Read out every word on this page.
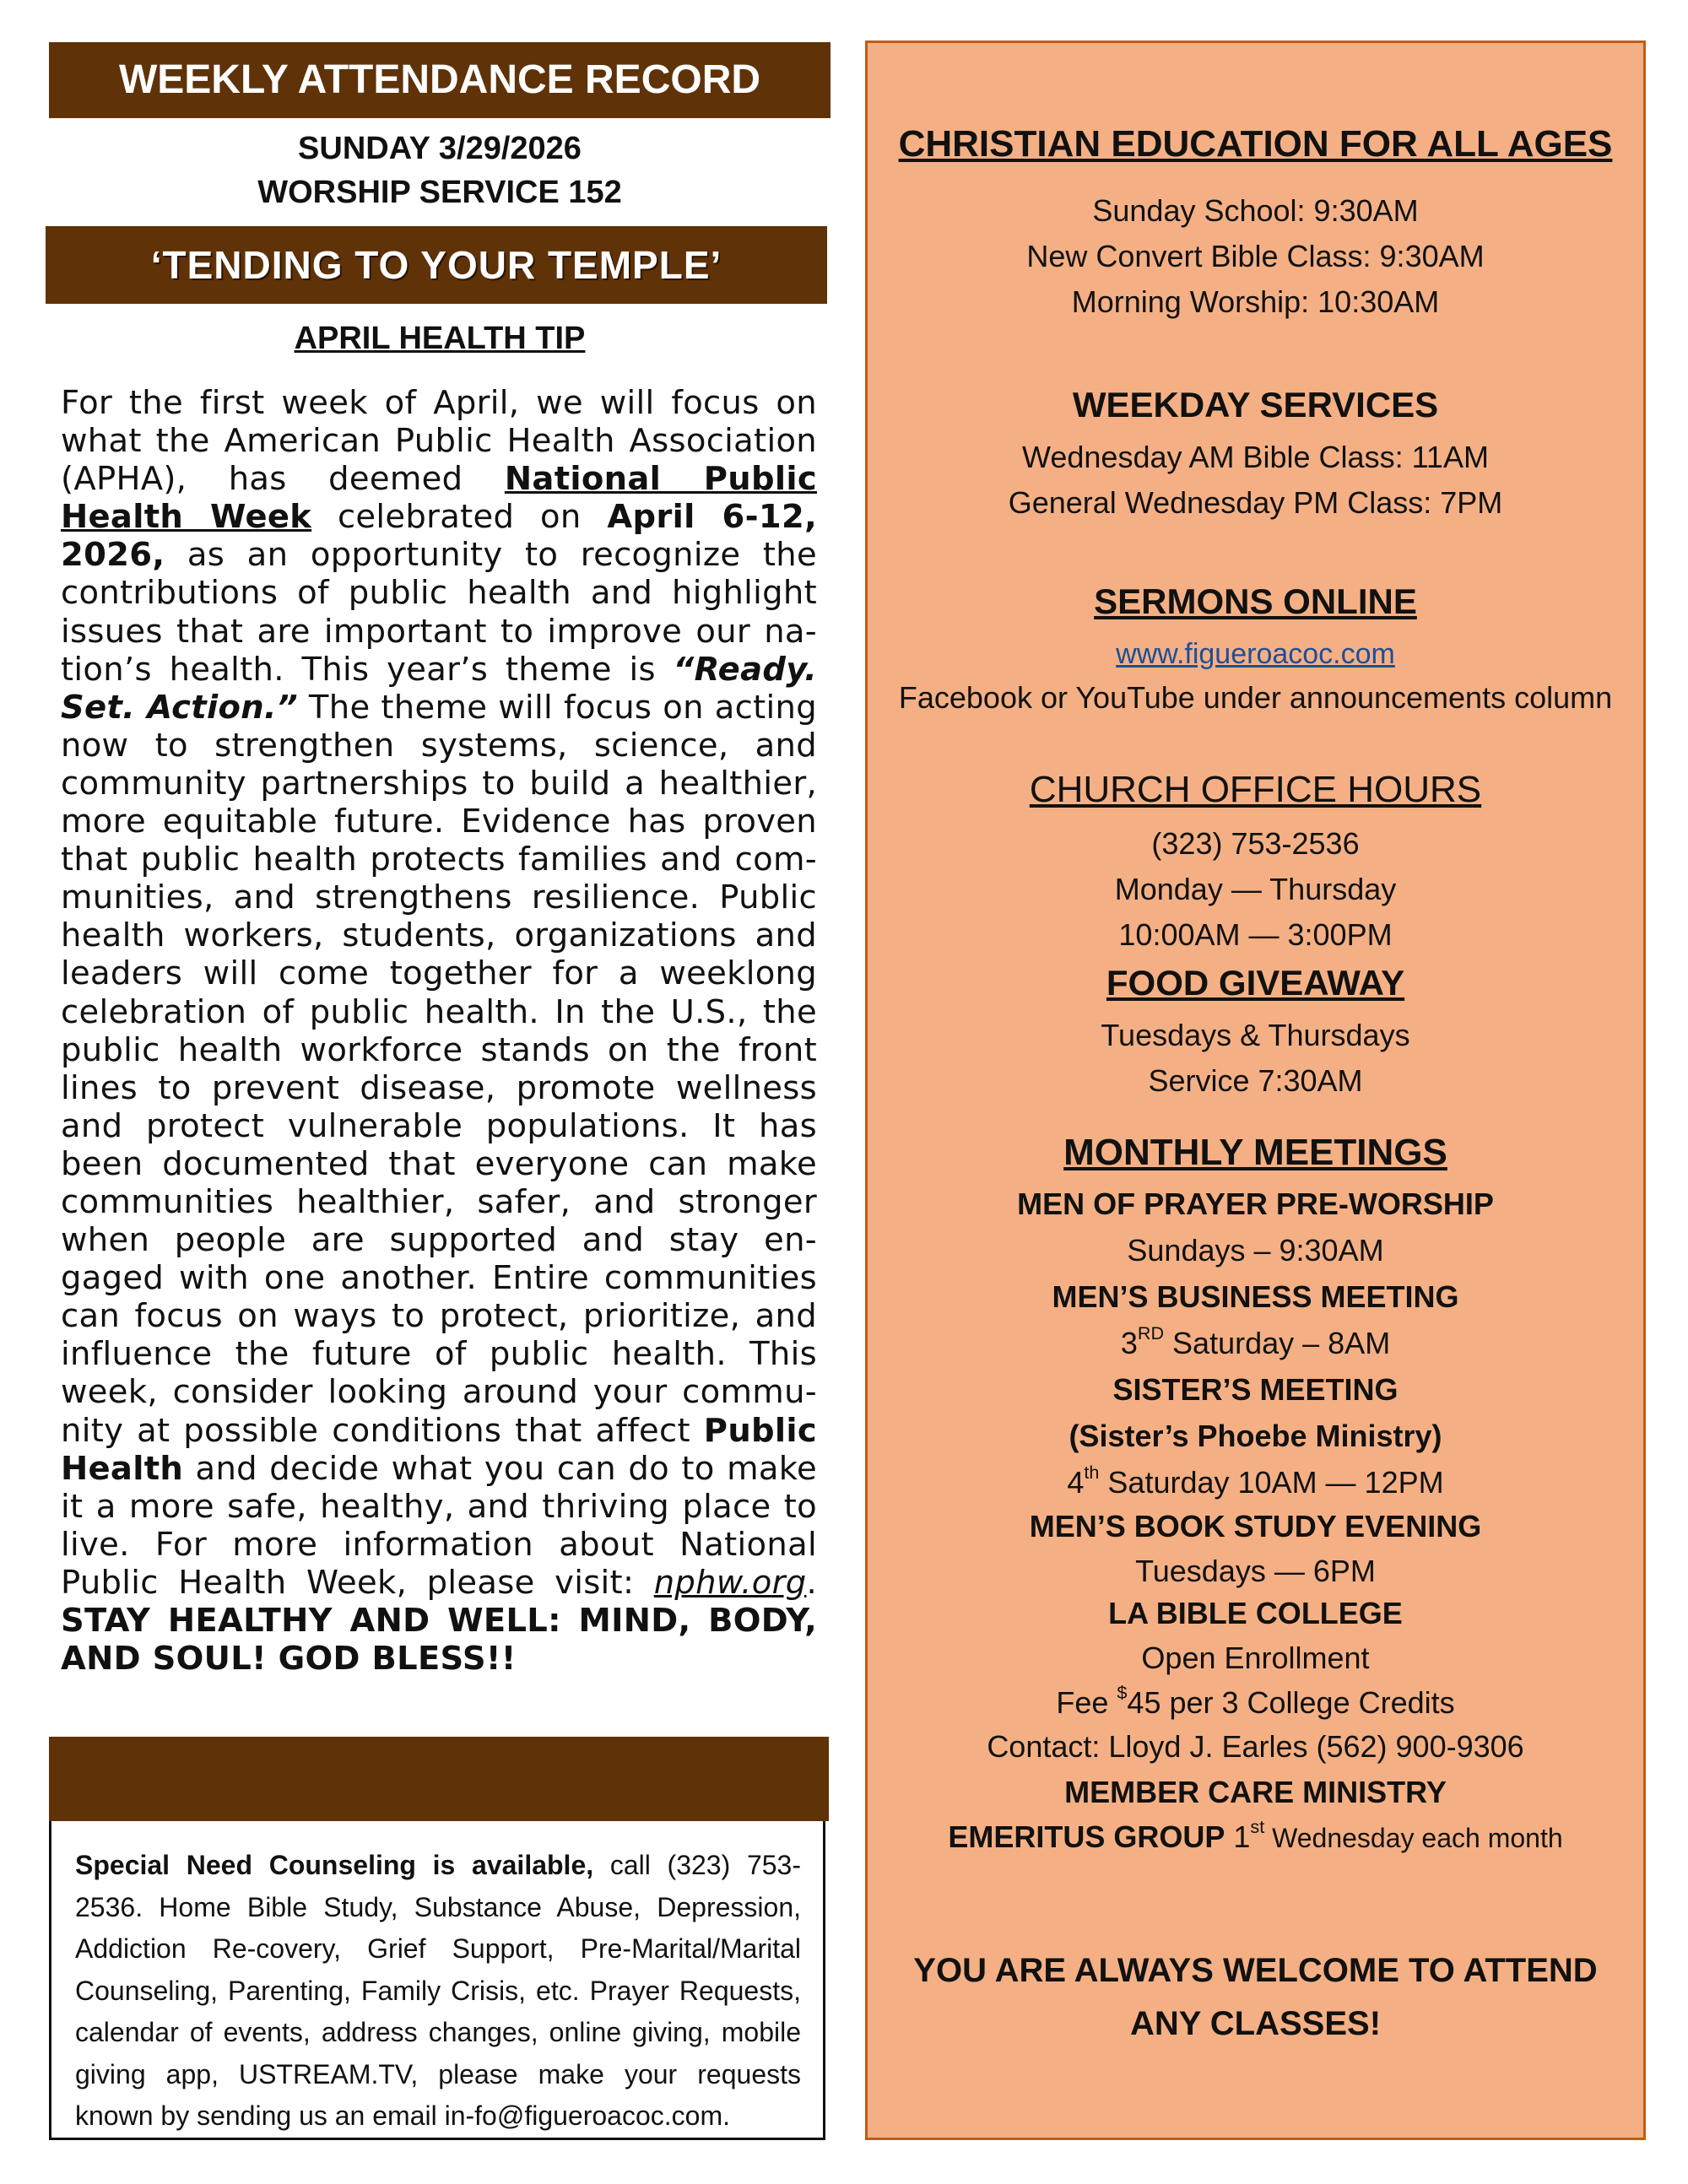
WEEKLY ATTENDANCE RECORD
SUNDAY 3/29/2026
WORSHIP SERVICE 152
‘TENDING TO YOUR TEMPLE’
APRIL HEALTH TIP
For the first week of April, we will focus on what the American Public Health Association (APHA), has deemed National Public Health Week celebrated on April 6-12, 2026, as an opportunity to recognize the contributions of public health and highlight issues that are important to improve our na-tion’s health. This year’s theme is “Ready. Set. Action.” The theme will focus on acting now to strengthen systems, science, and community partnerships to build a healthier, more equitable future. Evidence has proven that public health protects families and com-munities, and strengthens resilience. Public health workers, students, organizations and leaders will come together for a weeklong celebration of public health. In the U.S., the public health workforce stands on the front lines to prevent disease, promote wellness and protect vulnerable populations. It has been documented that everyone can make communities healthier, safer, and stronger when people are supported and stay en-gaged with one another. Entire communities can focus on ways to protect, prioritize, and influence the future of public health. This week, consider looking around your commu-nity at possible conditions that affect Public Health and decide what you can do to make it a more safe, healthy, and thriving place to live. For more information about National Public Health Week, please visit: nphw.org. STAY HEALTHY AND WELL: MIND, BODY, AND SOUL! GOD BLESS!!
Special Need Counseling is available, call (323) 753-2536. Home Bible Study, Substance Abuse, Depression, Addiction Re-covery, Grief Support, Pre-Marital/Marital Counseling, Parenting, Family Crisis, etc. Prayer Requests, calendar of events, address changes, online giving, mobile giving app, USTREAM.TV, please make your requests known by sending us an email in-fo@figueroacoc.com.
CHRISTIAN EDUCATION FOR ALL AGES
Sunday School: 9:30AM
New Convert Bible Class: 9:30AM
Morning Worship: 10:30AM
WEEKDAY SERVICES
Wednesday AM Bible Class: 11AM
General Wednesday PM Class: 7PM
SERMONS ONLINE
www.figueroacoc.com
Facebook or YouTube under announcements column
CHURCH OFFICE HOURS
(323) 753-2536
Monday — Thursday
10:00AM — 3:00PM
FOOD GIVEAWAY
Tuesdays & Thursdays
Service 7:30AM
MONTHLY MEETINGS
MEN OF PRAYER PRE-WORSHIP
Sundays – 9:30AM
MEN’S BUSINESS MEETING
3RD Saturday – 8AM
SISTER’S MEETING
(Sister’s Phoebe Ministry)
4th Saturday 10AM — 12PM
MEN’S BOOK STUDY EVENING
Tuesdays — 6PM
LA BIBLE COLLEGE
Open Enrollment
Fee $45 per 3 College Credits
Contact: Lloyd J. Earles (562) 900-9306
MEMBER CARE MINISTRY
EMERITUS GROUP 1st Wednesday each month
YOU ARE ALWAYS WELCOME TO ATTEND
ANY CLASSES!
